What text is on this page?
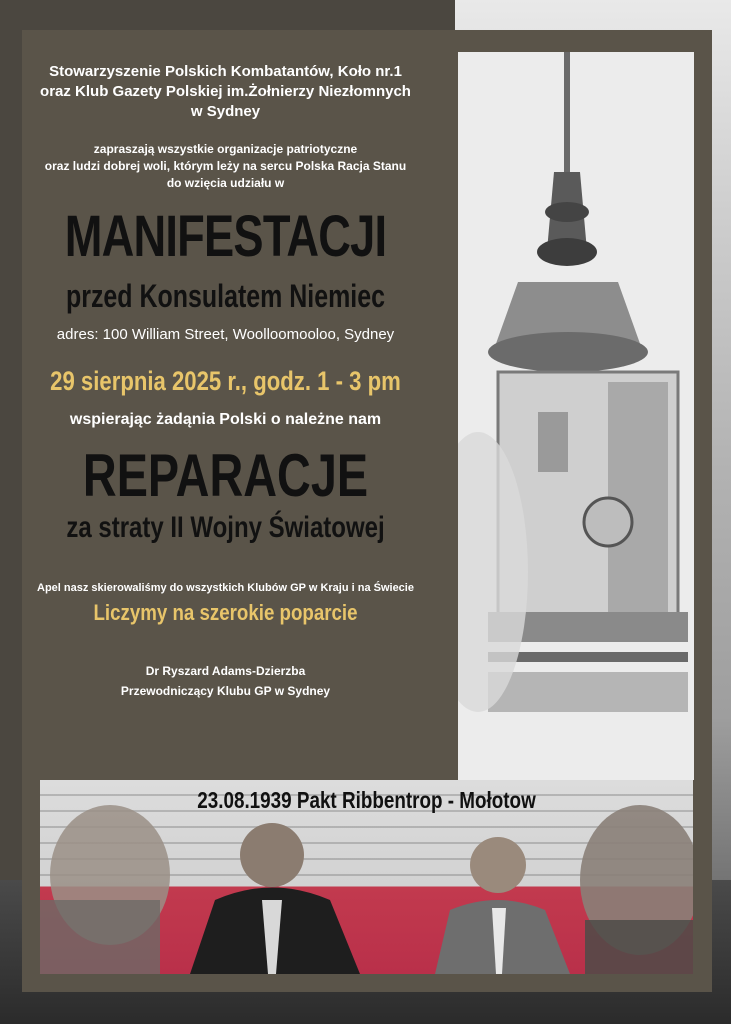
Stowarzyszenie Polskich Kombatantów, Koło nr.1
oraz Klub Gazety Polskiej im.Żołnierzy Niezłomnych
w Sydney

zapraszają wszystkie organizacje patriotyczne
oraz ludzi dobrej woli, którym leży na sercu Polska Racja Stanu
do wzięcia udziału w

MANIFESTACJI

przed Konsulatem Niemiec

adres: 100 William Street, Woolloomooloo, Sydney

29 sierpnia 2025 r., godz. 1 - 3 pm

wspierając żadąnia Polski o należne nam

REPARACJE

za straty II Wojny Światowej

Apel nasz skierowaliśmy do wszystkich Klubów GP w Kraju i na Świecie

Liczymy na szerokie poparcie

Dr Ryszard Adams-Dzierzba
Przewodniczący Klubu GP w Sydney

23.08.1939 Pakt Ribbentrop - Mołotow
